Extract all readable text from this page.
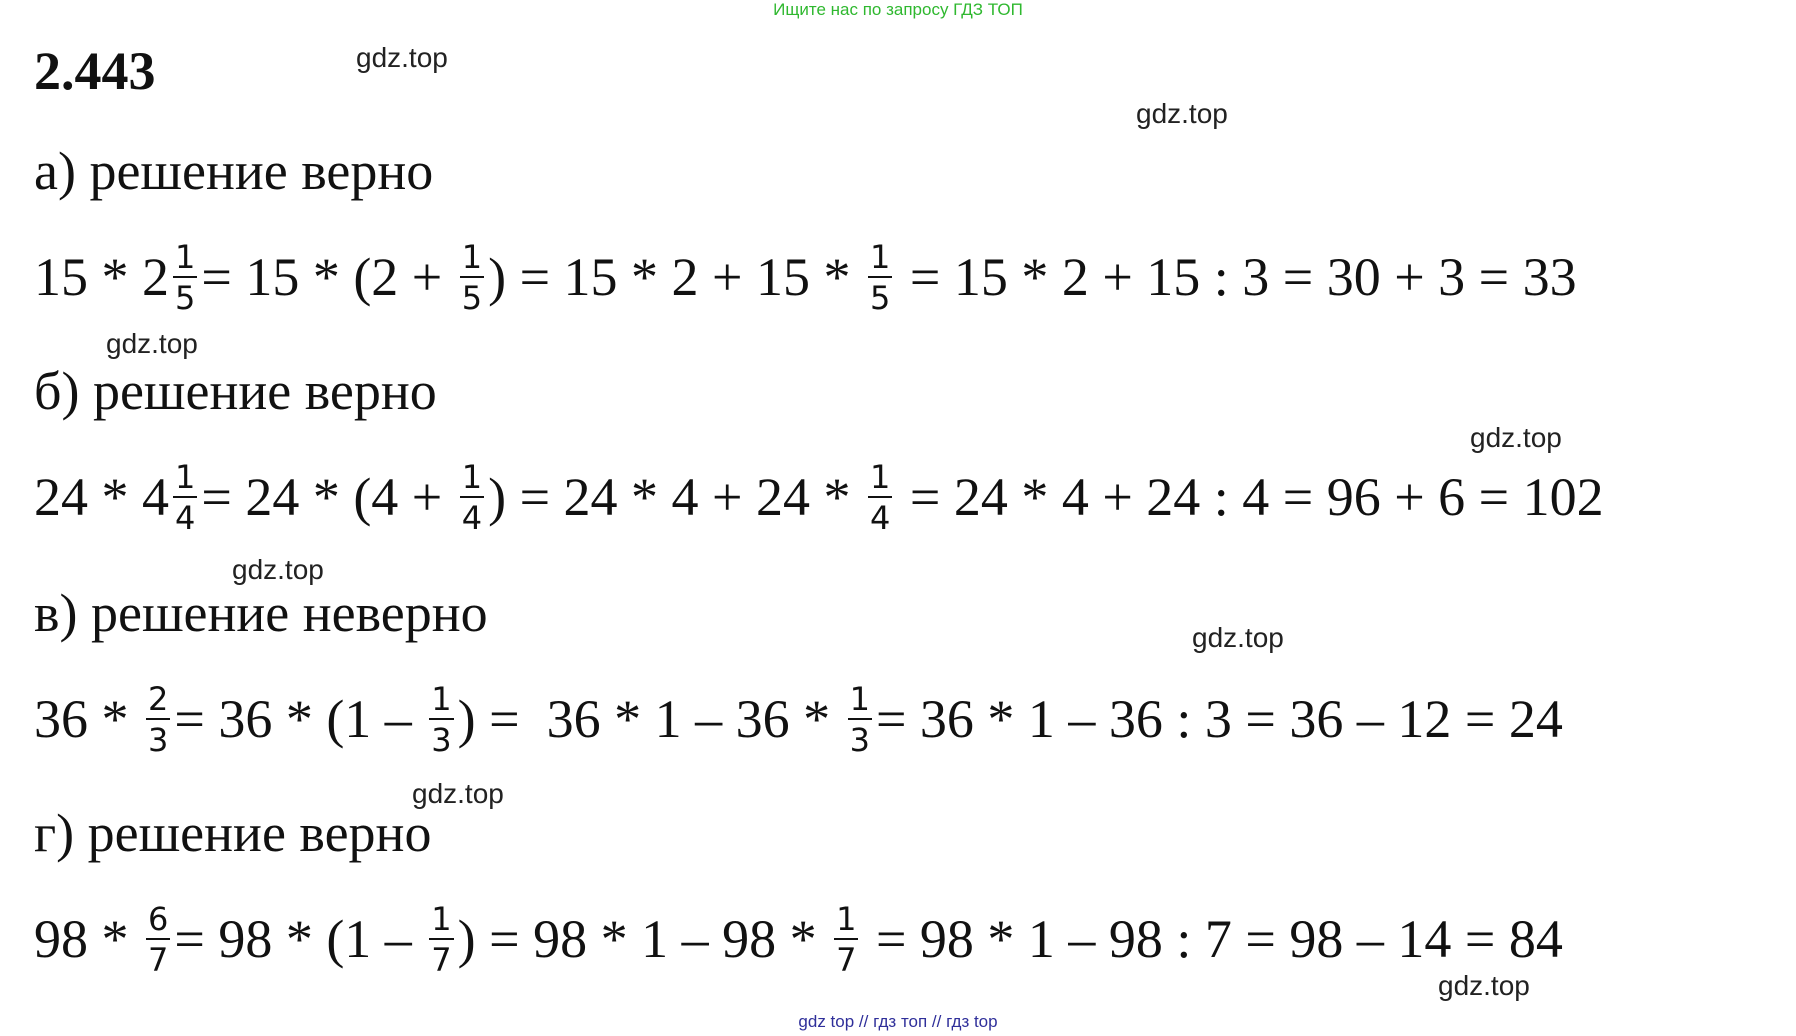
Ищите нас по запросу ГДЗ ТОП
2.443	gdz.top
gdz.top
gdz.top
gdz.top
gdz.top
gdz.top
gdz.top
gdz.top
а) решение верно
$15 * 2 \frac{1}{5} = 15 * (2 + \frac{1}{5}$ ) = $15 * 2 + 15 * \frac{1}{5} = 15 * 2 + 15$ : 3 = 30 + 3 = 33
б) решение верно
$24 * 4 \frac{1}{4} = 24 * (4 + \frac{1}{4}$ ) = $24 * 4 + 24 * \frac{1}{4} = 24 * 4 + 24$ : 4 = 96 + 6 = 102
в) решение неверно
$36 * \frac{2}{3} = 36 * (1 - \frac{1}{3}$ ) =  $36 * 1 - 36 * \frac{1}{3} = 36 * 1 - 36$ : 3 = 36 – 12 = 24
г) решение верно
$98 * \frac{6}{7} = 98 * (1 - \frac{1}{7}$ ) = $98 * 1 - 98 * \frac{1}{7} = 98 * 1 - 98$ : 7 = 98 – 14 = 84
gdz top // гдз топ // гдз top
